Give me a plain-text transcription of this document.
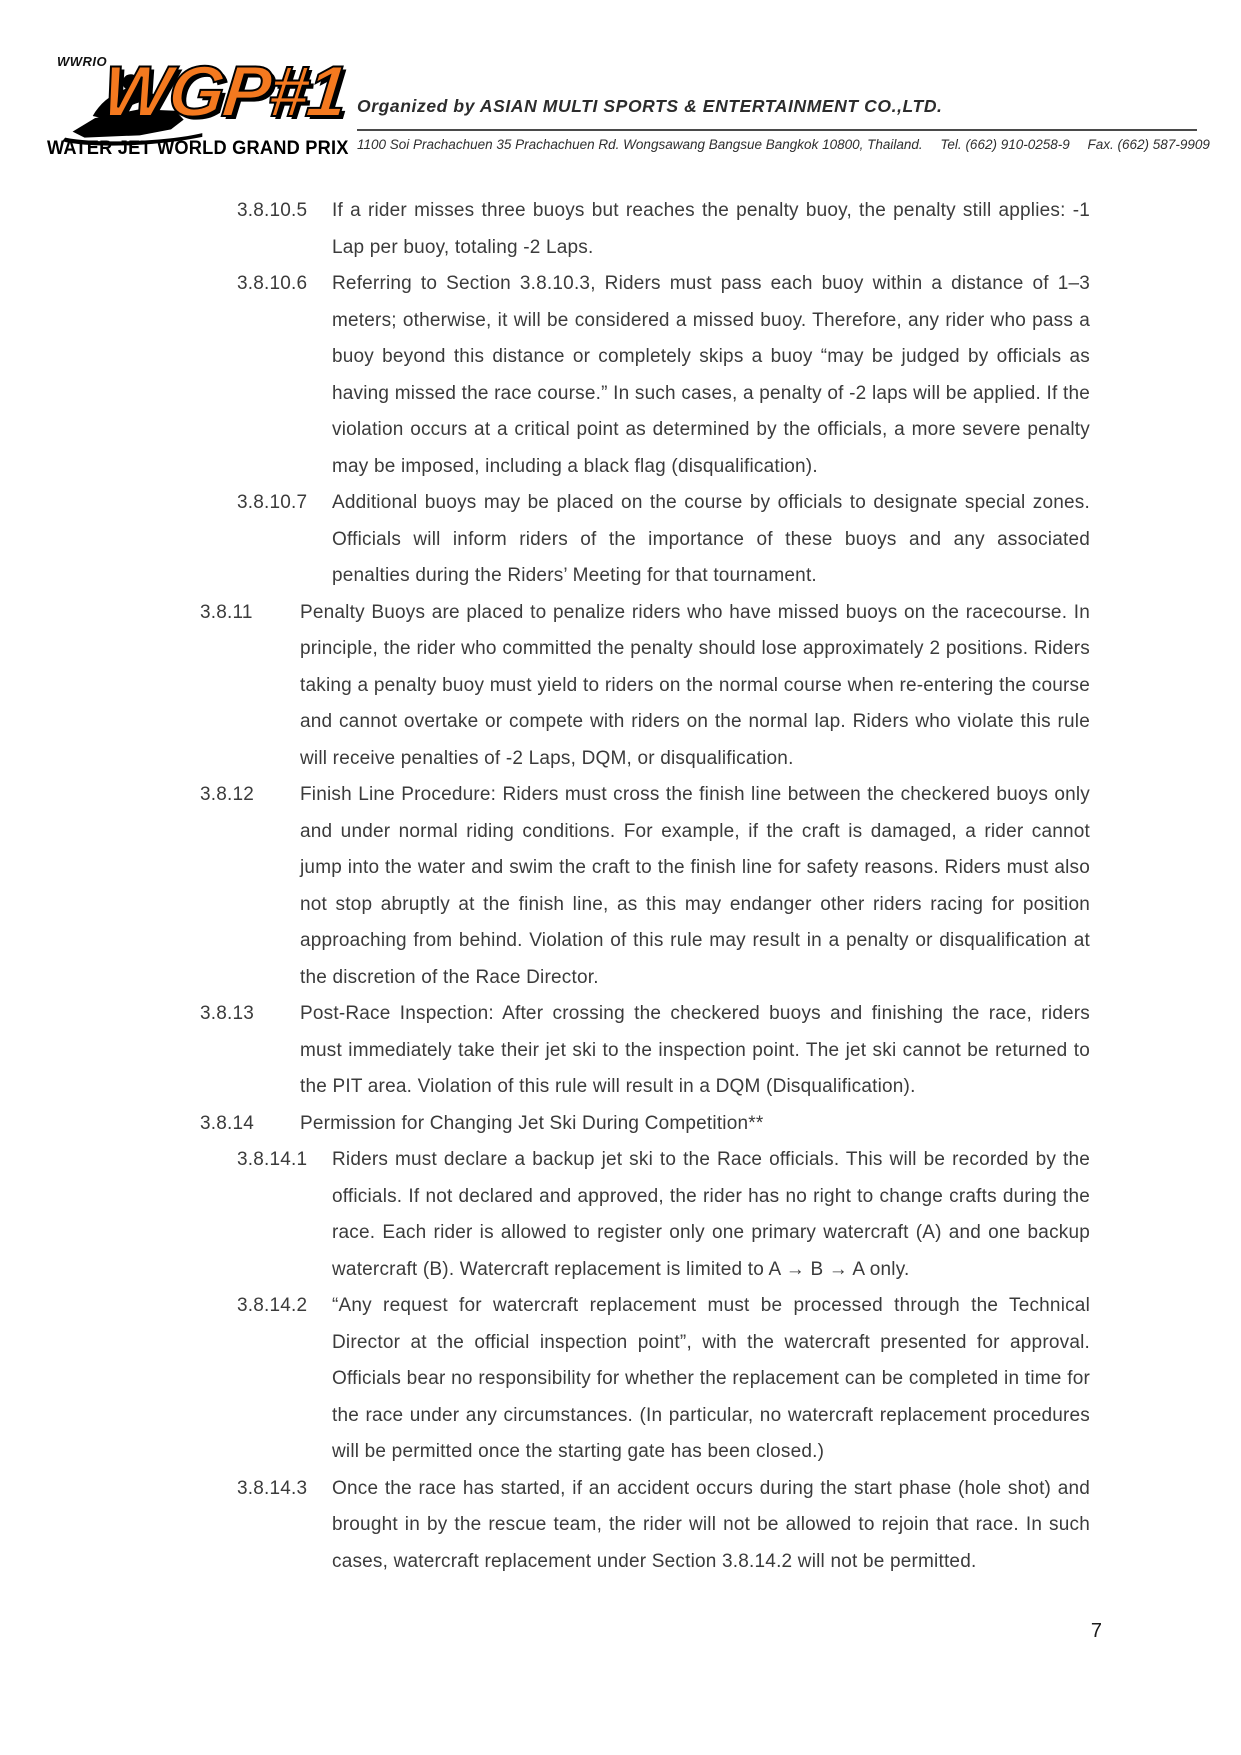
WWRIO
WGP#1
WATER JET WORLD GRAND PRIX
Organized by ASIAN MULTI SPORTS & ENTERTAINMENT CO.,LTD.
1100 Soi Prachachuen 35 Prachachuen Rd. Wongsawang Bangsue Bangkok 10800, Thailand. Tel. (662) 910-0258-9 Fax. (662) 587-9909
3.8.10.5	If a rider misses three buoys but reaches the penalty buoy, the penalty still applies: -1 Lap per buoy, totaling -2 Laps.

3.8.10.6	Referring to Section 3.8.10.3, Riders must pass each buoy within a distance of 1–3 meters; otherwise, it will be considered a missed buoy. Therefore, any rider who pass a buoy beyond this distance or completely skips a buoy “may be judged by officials as having missed the race course.” In such cases, a penalty of -2 laps will be applied. If the violation occurs at a critical point as determined by the officials, a more severe penalty may be imposed, including a black flag (disqualification).

3.8.10.7	Additional buoys may be placed on the course by officials to designate special zones. Officials will inform riders of the importance of these buoys and any associated penalties during the Riders’ Meeting for that tournament.

3.8.11	Penalty Buoys are placed to penalize riders who have missed buoys on the racecourse. In principle, the rider who committed the penalty should lose approximately 2 positions. Riders taking a penalty buoy must yield to riders on the normal course when re-entering the course and cannot overtake or compete with riders on the normal lap. Riders who violate this rule will receive penalties of -2 Laps, DQM, or disqualification.

3.8.12	Finish Line Procedure: Riders must cross the finish line between the checkered buoys only and under normal riding conditions. For example, if the craft is damaged, a rider cannot jump into the water and swim the craft to the finish line for safety reasons. Riders must also not stop abruptly at the finish line, as this may endanger other riders racing for position approaching from behind. Violation of this rule may result in a penalty or disqualification at the discretion of the Race Director.

3.8.13	Post-Race Inspection: After crossing the checkered buoys and finishing the race, riders must immediately take their jet ski to the inspection point. The jet ski cannot be returned to the PIT area. Violation of this rule will result in a DQM (Disqualification).

3.8.14	Permission for Changing Jet Ski During Competition**

3.8.14.1	Riders must declare a backup jet ski to the Race officials. This will be recorded by the officials. If not declared and approved, the rider has no right to change crafts during the race. Each rider is allowed to register only one primary watercraft (A) and one backup watercraft (B). Watercraft replacement is limited to A → B → A only.

3.8.14.2	“Any request for watercraft replacement must be processed through the Technical Director at the official inspection point”, with the watercraft presented for approval. Officials bear no responsibility for whether the replacement can be completed in time for the race under any circumstances. (In particular, no watercraft replacement procedures will be permitted once the starting gate has been closed.)

3.8.14.3	Once the race has started, if an accident occurs during the start phase (hole shot) and brought in by the rescue team, the rider will not be allowed to rejoin that race. In such cases, watercraft replacement under Section 3.8.14.2 will not be permitted.

7
